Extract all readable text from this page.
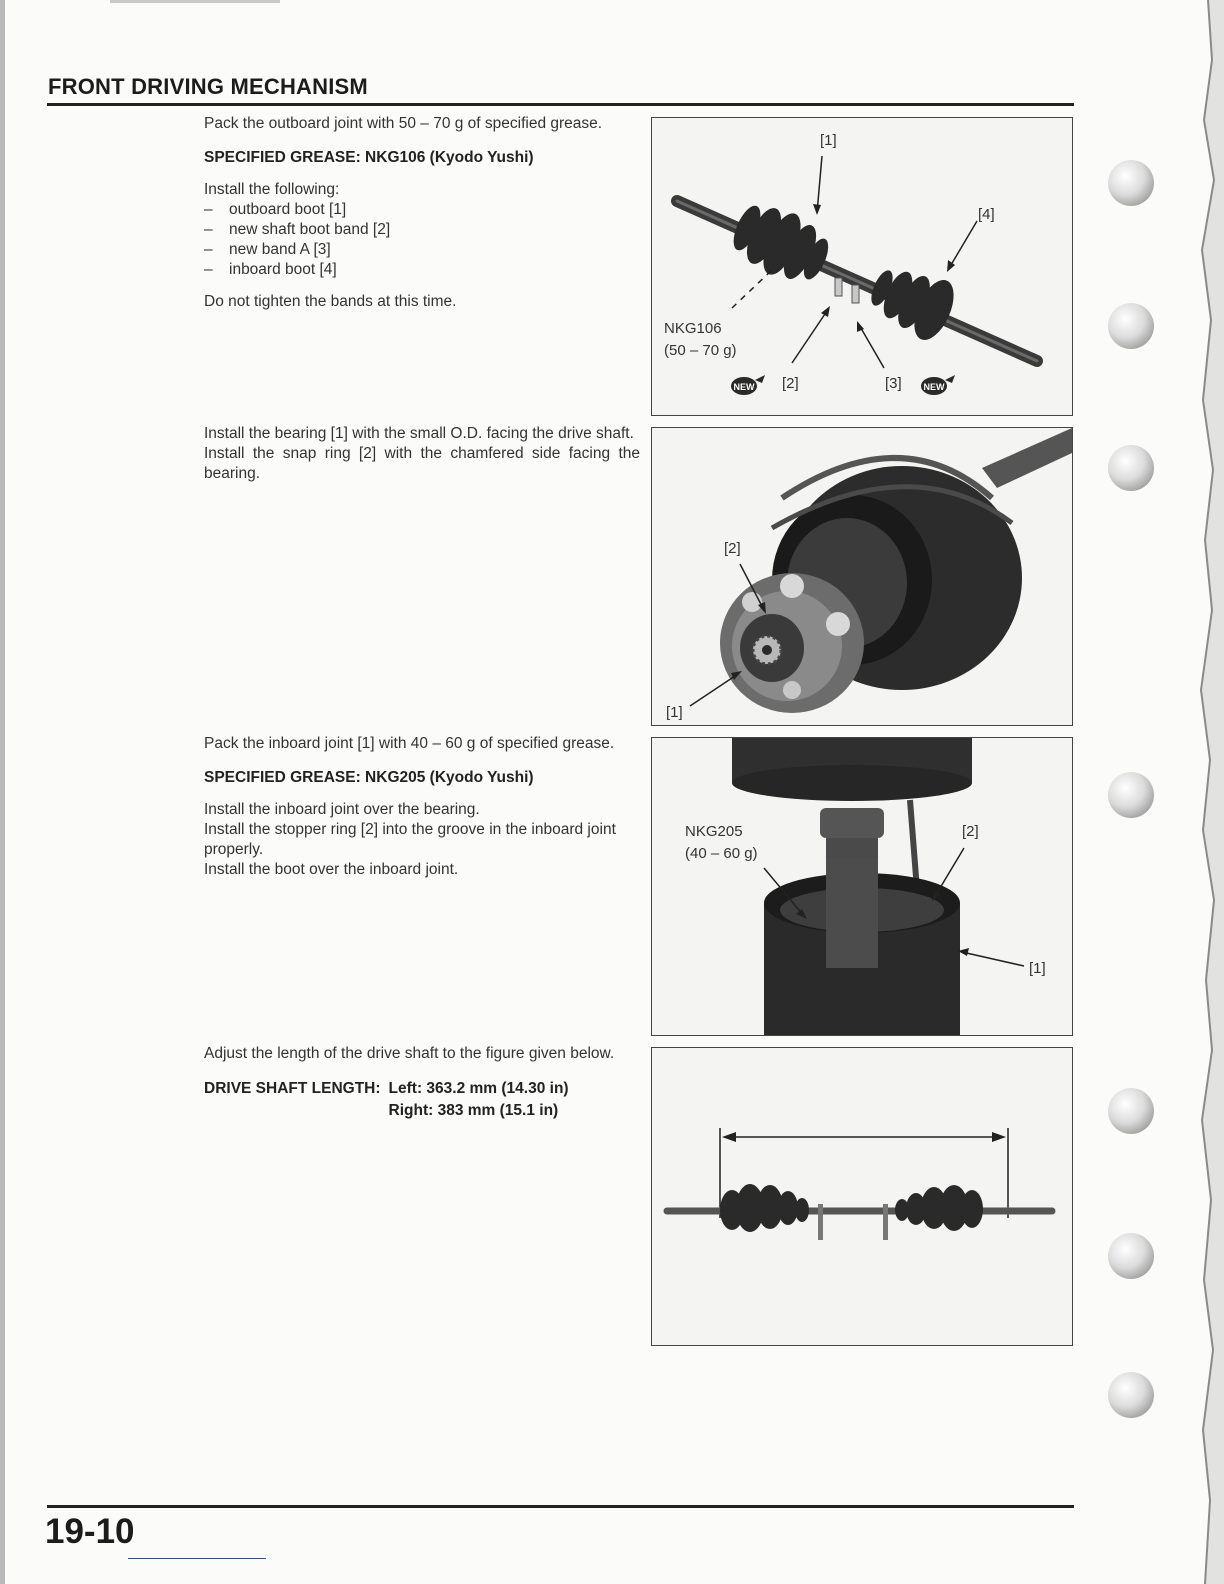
FRONT DRIVING MECHANISM

Pack the outboard joint with 50 – 70 g of specified grease.

SPECIFIED GREASE: NKG106 (Kyodo Yushi)

Install the following:

– outboard boot [1]
– new shaft boot band [2]
– new band A [3]
– inboard boot [4]

Do not tighten the bands at this time.

NEW	NEW
[1]
[4]
NKG106
(50 – 70 g)
[2]	[3]

Install the bearing [1] with the small O.D. facing the drive shaft.

Install the snap ring [2] with the chamfered side facing the bearing.

[2]
[1]

Pack the inboard joint [1] with 40 – 60 g of specified grease.

SPECIFIED GREASE: NKG205 (Kyodo Yushi)

Install the inboard joint over the bearing.

Install the stopper ring [2] into the groove in the inboard joint properly.

Install the boot over the inboard joint.

NKG205
(40 – 60 g)
[2]
[1]

Adjust the length of the drive shaft to the figure given below.

DRIVE SHAFT LENGTH:	Left: 363.2 mm (14.30 in)
	Right: 383 mm (15.1 in)

19-10
